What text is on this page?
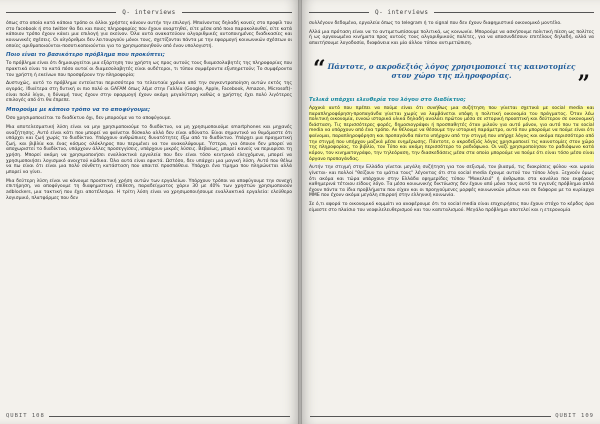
Q- interviews

όπως στα οποία κατά κάποιο τρόπο οι άλλοι χρήστες κάνουν αυτήν την επιλογή. Μπαίνοντας δηλαδή κανείς στο προφίλ του στο facebook ή στο twitter θα δει και ποιες πληροφορίες που έχουν αναρτηθεί, είτε μέσα από ποιο παρακολουθεί, είτε κατά κάποιον τρόπο έχουν κάνει μια επιλογή για εκείνον. Όλα αυτά ανακατεύουν αλγοριθμικές αυτοποιημένες διαδικασίες και κοινωνικές σχέσεις. Οι αλγόριθμοι δεν λειτουργούν μόνοι τους, σχετίζονται πάντα με την εφαρμογή κοινωνικών σχέσεων οι οποίες αριθμοποιούνται-ποσοτικοποιούνται για το χρησιμοποιηθούν από έναν υπολογιστή.

Ποιο είναι το βασικότερο πρόβλημα που προκύπτει;

Το πρόβλημα είναι ότι δημιουργείται μια εξάρτηση του χρήστη ως προς αυτούς τους διαμεσολαβητές της πληροφορίας που πρακτικά είναι το κατά πόσο αυτοί οι διαμεσολαβητές είναι ουδέτεροι, τι τύπου συμφέροντα εξυπηρετούν; Το συμφέροντα του χρήστη ή εκείνων που προσφέρουν την πληροφορία;

Δυστυχώς, αυτό το πρόβλημα εντείνεται περισσότερο τα τελευταία χρόνια από την συγκεντροποίηση αυτών εκτός της αγοράς. Ιδιαίτερα στη δυτική οι πιο πολύ οι GAFAM όπως λέμε στην Γαλλία (Google, Apple, Facebook, Amazon, Microsoft)- είναι πολύ λίγοι, η δύναμή τους έχουν στην εφαρμογή έχουν ακόμη μεγαλύτερη καθώς ο χρήστης έχει πολύ λιγότερες επιλογές από ότι θα έπρεπε.

Μπορούμε με κάποιο τρόπο να το αποφύγουμε;

Όσο χρησιμοποιείται το διαδίκτυο όχι, δεν μπορούμε να το αποφύγουμε.

Μια αποτελεσματική λύση είναι να μην χρησιμοποιούμε το διαδίκτυο, να μη χρησιμοποιούμε smartphones και μηχανές αναζήτησης. Αυτό είναι κάτι που μπορεί να φαίνεται δύσκολο αλλά δεν είναι αδύνατο. Είναι σημαντικό να θυμόμαστε ότι υπάρχει και ζωή χωρίς το διαδίκτυο. Υπάρχουν ανθρώπινες δυνατότητες έξω από το διαδίκτυο. Υπάρχει μια πραγματική ζωή, και βιβλία και ένας κόσμος ολόκληρος που περιμένει να τον ανακαλύψουμε. Ύστερα, για όποιον δεν μπορεί να αποχωριστεί το διαδίκτυο, υπάρχουν άλλες προσεγγίσεις, υπάρχουν μικρές λύσεις. Βεβαίως, μπορεί κανείς να περιορίσει τη χρήση. Μπορεί ακόμη να χρησιμοποιήσει εναλλακτικά εργαλεία που δεν είναι τόσο κεντρικά ελεγχόμενα, μπορεί να χρησιμοποιήσει λογισμικό ανοιχτού κώδικα. Όλα αυτά είναι εφικτά. Ωστόσο, δεν υπάρχει μια μαγική λύση. Αυτό που θέλω να πω είναι ότι είναι μια πολύ σύνθετη κατάσταση που απαιτεί προσπάθεια. Υπάρχει ένα τίμημα που πληρώνεται αλλά μπορεί να γίνει.

Μια δεύτερη λύση είναι να κάνουμε προσεκτική χρήση αυτών των εργαλείων. Υπάρχουν τρόποι να αποφύγουμε την συνεχή επιτήρηση, να αποφύγουμε τη διαφημιστική επίθεση, παραδείγματος χάριν 30 με 40% των χρηστών χρησιμοποιούν adblockers, μια τακτική που έχει αποτέλεσμα. Η τρίτη λύση είναι να χρησιμοποιήσουμε εναλλακτικά εργαλεία: ελεύθερο λογισμικό, πλατφόρμες που δεν

QUBIT 108
Q- interviews

συλλέγουν δεδομένα, εργαλεία όπως το telegram ή το signal που δεν έχουν διαφημιστικό οικονομικό μοντέλο.

Αλλά μια πρόταση είναι να το αντιμετωπίσουμε πολιτικά, ως κοινωνία. Μπορούμε να ασκήσουμε πολιτική πίεση ως πολίτες ή ως οργανωμένα κινήματα προς αυτούς τους αλγοριθμικούς πολίτες, για να αποσυνδέσουν επιτέλους δηλαδή, αλλά να απαιτήσουμε λογοδοσία, διαφάνεια και μία άλλου τύπου αντιμετώπιση.

“ Πάντοτε, ο ακροδεξιός λόγος χρησιμοποιεί τις καινοτομίες στον χώρο της πληροφορίας.	”
Τελικά υπάρχει ελευθερία του λόγου στο διαδίκτυο;

Αρχικά αυτό που πρέπει να πούμε είναι ότι συνήθως μια συζήτηση που γίνεται σχετικά με social media και παραπληροφόρηση-προπαγάνδα γίνεται χωρίς να λαμβάνεται υπόψη η πολιτική οικονομία του πράγματος. Όταν λέω πολιτική οικονομία, εννοώ ιστορικά υλικά δηλαδή αναλύει πρώτον μέσα σε ιστορική προοπτική και δεύτερον σε οικονομική διάσταση. Τις περισσότερες φορές, δημοσιογράφοι ή προσπαθητές όταν μιλούν για αυτό μόνον, για αυτό που τα social media να υπάρχουν από ένα τρόπο. Αν θέλουμε να θέσουμε την ιστορική παράμετρο, αυτό που μπορούμε να πούμε είναι ότι φαίνομαι, παραπληροφόρηση και προπαγάνδα πάντα υπήρχαν από την στιγμή που υπήρχε λόγος και ακόμα περισσότερο από την στιγμή που υπήρχαν μαζικά μέσα ενημέρωσης. Πάντοτε, ο ακροδεξιός λόγος χρησιμοποιεί τις καινοτομίες στον χώρο της πληροφορίας, το βιβλίο, τον Τύπο και ακόμη περισσότερο το ραδιόφωνο. Οι ναζί χρησιμοποίησαν το ραδιόφωνο κατά κόρον, τον κινηματογράφο, την τηλεόραση, την διασκεδάσεις μέσα στα οποία μπορούμε να πούμε ότι είναι τόσο μέσο είναι όργανο προπαγάνδας.

Αυτήν την στιγμή στην Ελλάδα γίνεται μεγάλη συζήτηση για τον σεξισμό, τον βιασμό, τις διακρίσεις φύλου -και ωραία γίνεται- και πολλοί "θείζουν τα ιμάτια τους" λέγοντας ότι στα social media έχουμε αυτού του τύπου λόγο. Ξεχνούν όμως ότι ακόμα και τώρα υπάρχουν στην Ελλάδα εφημερίδες τύπου "Μακελειό" ή άνθρωποι στα κανάλια που εκφέρουν καθημερινά τέτοιου είδους λόγο. Τα μέσα κοινωνικής δικτύωσης δεν έχουν από μόνα τους αυτό το εγγενές πρόβλημα απλά έχουν πάντα τα ίδια προβλήματα που είχαν και οι προηγούμενες μορφές κοινωνικών μέσων και σε διάφορα με τα κυρίαρχα ΜΜΕ που έχουν ακόμα μεγάλη επιρροή στην ελληνική κοινωνία.

Σε ό,τι αφορά το οικονομικό κομμάτι να αναφέρουμε ότι τα social media είναι επιχειρήσεις που έχουν στόχο το κέρδος άρα είμαστε στο πλαίσιο του νεοφιλελευθερισμού και του καπιταλισμού. Μεγάλο πρόβλημα αποτελεί και η ετερονομία

QUBIT 109
